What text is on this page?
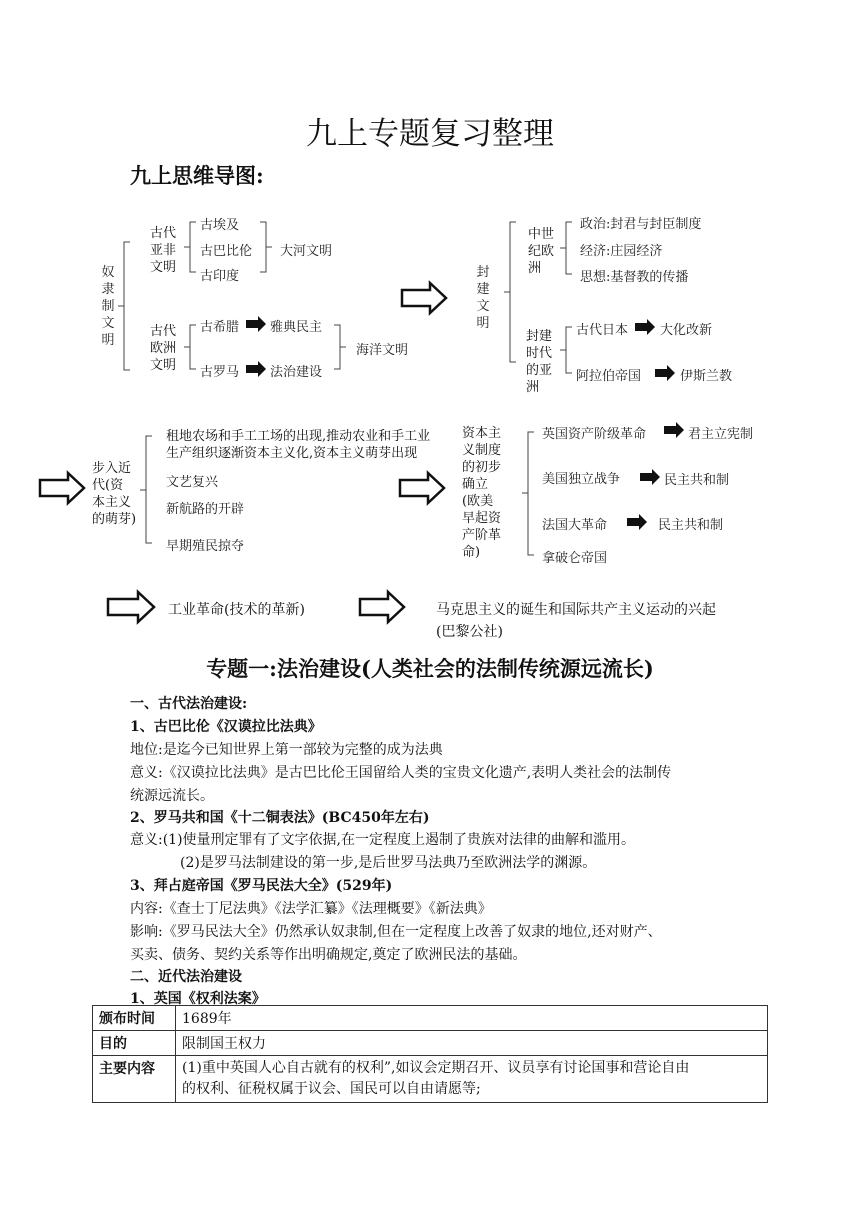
九上专题复习整理
九上思维导图:
奴隶制文明
古代
亚非
文明
古埃及
古巴比伦
古印度
大河文明
古代
欧洲
文明
古希腊 雅典民主
古罗马 法治建设
海洋文明
封建文明
中世
纪欧
洲
政治:封君与封臣制度
经济:庄园经济
思想:基督教的传播
封建
时代
的亚
洲
古代日本 大化改新
阿拉伯帝国	伊斯兰教
步入近
代(资
本主义
的萌芽)
租地农场和手工工场的出现,推动农业和手工业
生产组织逐渐资本主义化,资本主义萌芽出现
文艺复兴
新航路的开辟
早期殖民掠夺
资本主
义制度
的初步
确立
(欧美
早起资
产阶革
命)
英国资产阶级革命	君主立宪制
美国独立战争	民主共和制
法国大革命	民主共和制
拿破仑帝国
工业革命(技术的革新)	马克思主义的诞生和国际共产主义运动的兴起
(巴黎公社)
专题一:法治建设(人类社会的法制传统源远流长)
一、古代法治建设:
1、古巴比伦《汉谟拉比法典》
地位:是迄今已知世界上第一部较为完整的成为法典
意义:《汉谟拉比法典》是古巴比伦王国留给人类的宝贵文化遗产,表明人类社会的法制传
统源远流长。
2、罗马共和国《十二铜表法》(BC450年左右)
意义:(1)使量刑定罪有了文字依据,在一定程度上遏制了贵族对法律的曲解和滥用。
(2)是罗马法制建设的第一步,是后世罗马法典乃至欧洲法学的渊源。
3、拜占庭帝国《罗马民法大全》(529年)
内容:《查士丁尼法典》《法学汇纂》《法理概要》《新法典》
影响:《罗马民法大全》仍然承认奴隶制,但在一定程度上改善了奴隶的地位,还对财产、
买卖、债务、契约关系等作出明确规定,奠定了欧洲民法的基础。
二、近代法治建设
1、英国《权利法案》
颁布时间	1689年
目的	限制国王权力
主要内容	(1)重中英国人心自古就有的权利”,如议会定期召开、议员享有讨论国事和营论自由
的权利、征税权属于议会、国民可以自由请愿等;
